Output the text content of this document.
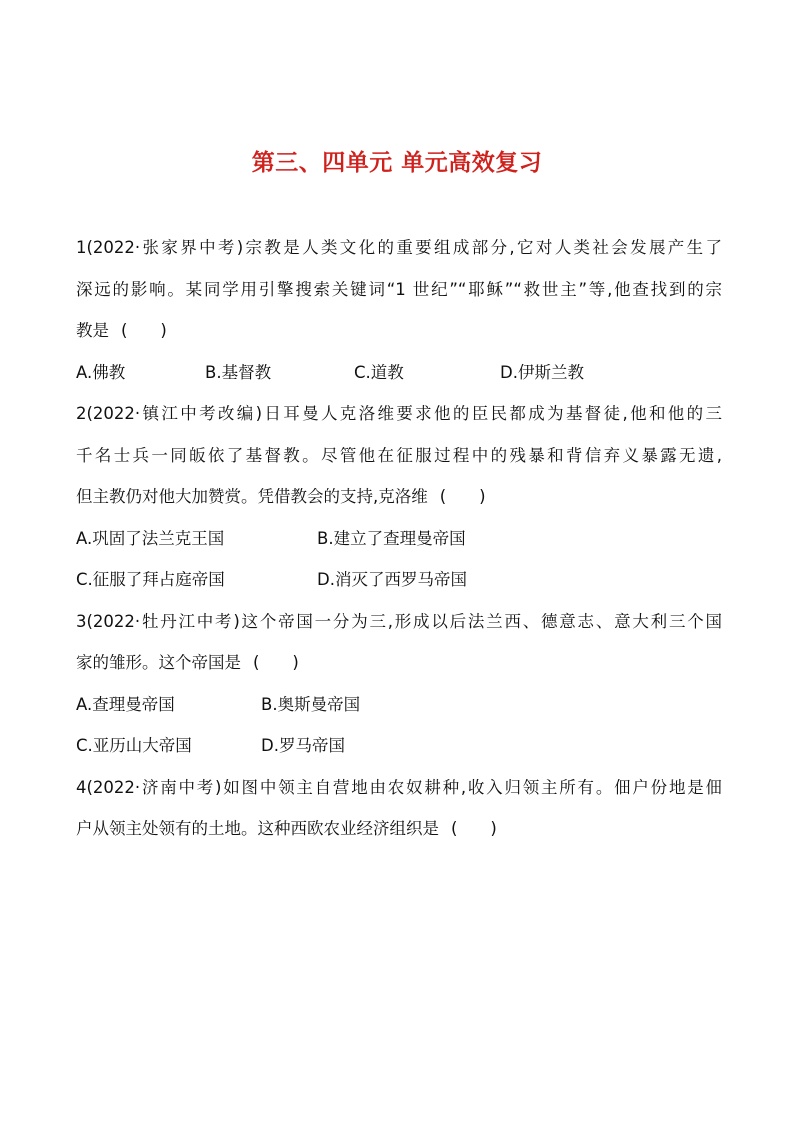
第三、四单元 单元高效复习
1(2022·张家界中考)宗教是人类文化的重要组成部分,它对人类社会发展产生了
深远的影响。某同学用引擎搜索关键词“1 世纪”“耶稣”“救世主”等,他查找到的宗
教是 (　　)
A.佛教	B.基督教	C.道教	D.伊斯兰教
2(2022·镇江中考改编)日耳曼人克洛维要求他的臣民都成为基督徒,他和他的三
千名士兵一同皈依了基督教。尽管他在征服过程中的残暴和背信弃义暴露无遗,
但主教仍对他大加赞赏。凭借教会的支持,克洛维 (　　)
A.巩固了法兰克王国	B.建立了查理曼帝国
C.征服了拜占庭帝国	D.消灭了西罗马帝国
3(2022·牡丹江中考)这个帝国一分为三,形成以后法兰西、德意志、意大利三个国
家的雏形。这个帝国是 (　　)
A.查理曼帝国	B.奥斯曼帝国
C.亚历山大帝国	D.罗马帝国
4(2022·济南中考)如图中领主自营地由农奴耕种,收入归领主所有。佃户份地是佃
户从领主处领有的土地。这种西欧农业经济组织是 (　　)
